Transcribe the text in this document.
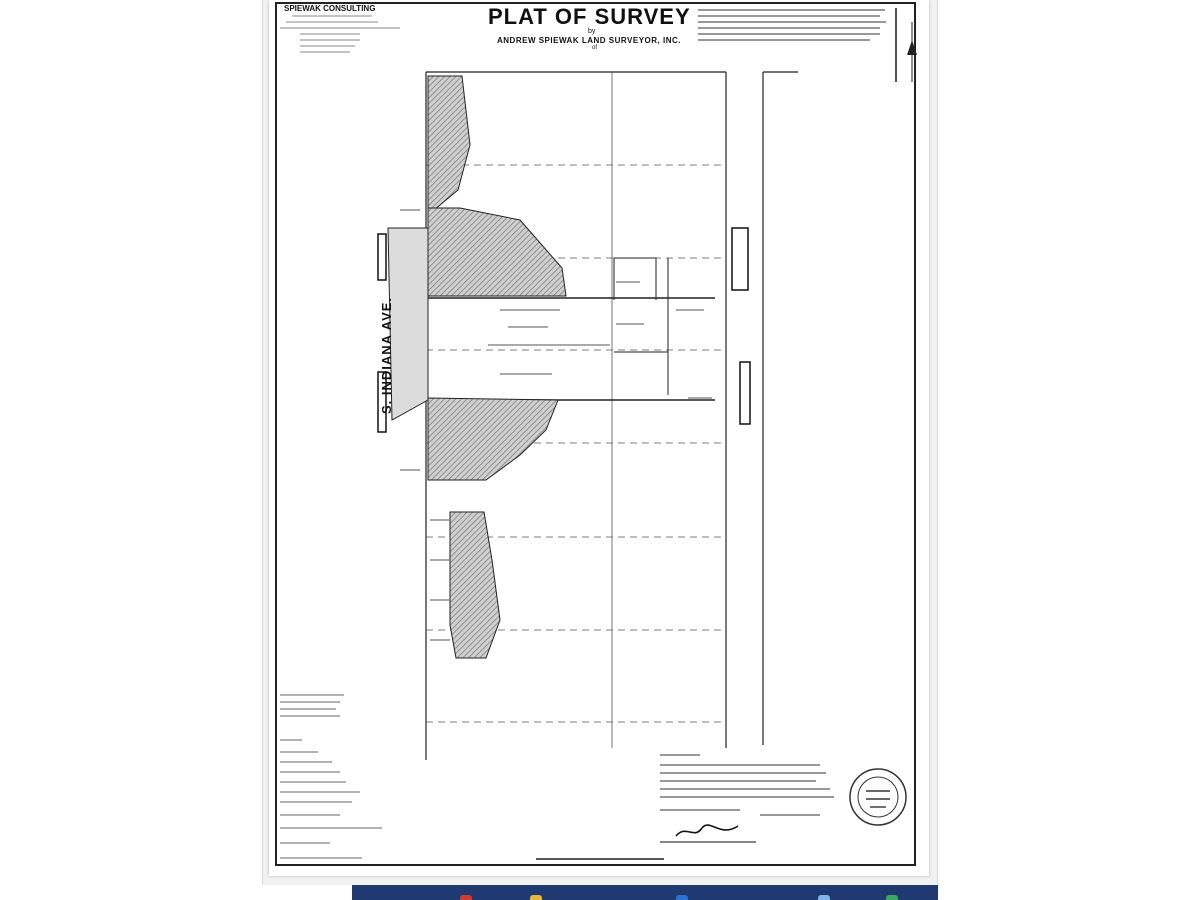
SPIEWAK CONSULTING	PLAT OF SURVEY
by
ANDREW SPIEWAK LAND SURVEYOR, INC.
of
S. INDIANA AVE.
